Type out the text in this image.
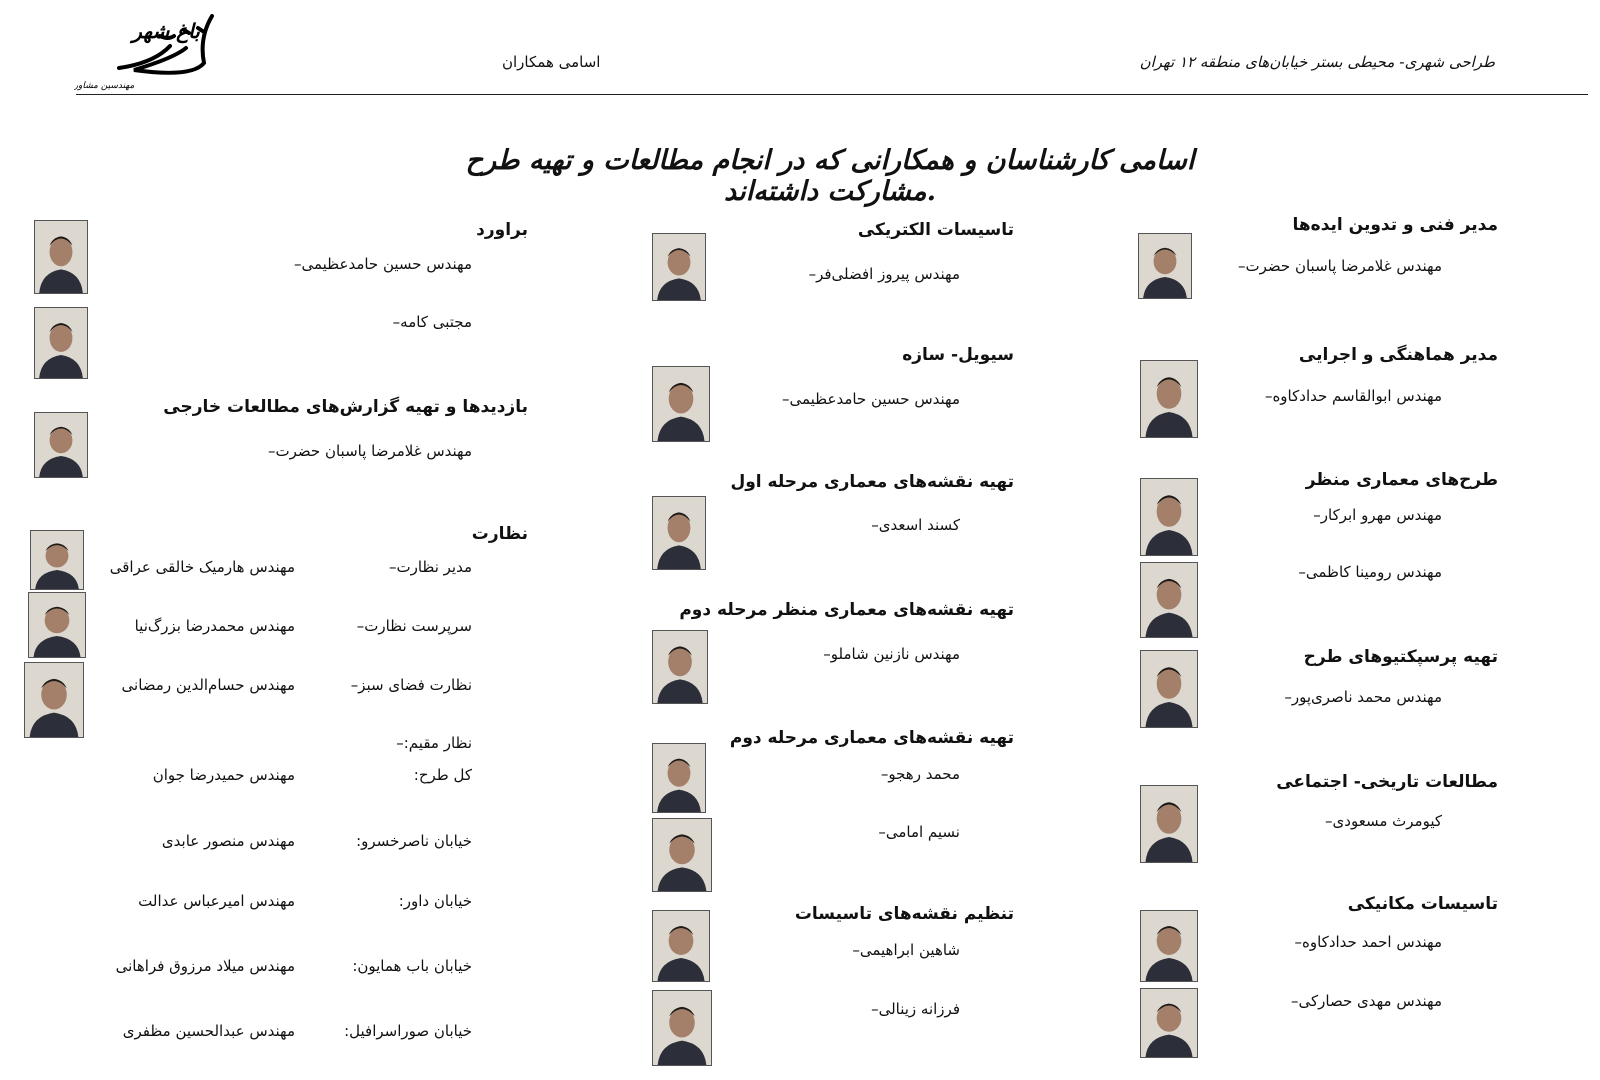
طراحی شهری- محیطی بستر خیابان‌های منطقه ۱۲ تهران
اسامی همکاران
باغ شهر
مهندسین مشاور
اسامی کارشناسان و همکارانی که در انجام مطالعات و تهیه طرح مشارکت داشته‌اند.
مدیر فنی و تدوین ایده‌ها
مهندس غلامرضا پاسبان حضرت–
مدیر هماهنگی و اجرایی
مهندس ابوالقاسم حدادکاوه–
طرح‌های معماری منظر
مهندس مهرو ابرکار–
مهندس رومینا کاظمی–
تهیه پرسپکتیوهای طرح
مهندس محمد ناصری‌پور–
مطالعات تاریخی- اجتماعی
کیومرث مسعودی–
تاسیسات مکانیکی
مهندس احمد حدادکاوه–
مهندس مهدی حصارکی–
تاسیسات الکتریکی
مهندس پیروز افضلی‌فر–
سیویل- سازه
مهندس حسین حامدعظیمی–
تهیه نقشه‌های معماری مرحله اول
کسند اسعدی–
تهیه نقشه‌های معماری منظر مرحله دوم
مهندس نازنین شاملو–
تهیه نقشه‌های معماری مرحله دوم
محمد رهجو–
نسیم امامی–
تنظیم نقشه‌های تاسیسات
شاهین ابراهیمی–
فرزانه زینالی–
براورد
مهندس حسین حامدعظیمی–
مجتبی کامه–
بازدیدها و تهیه گزارش‌های مطالعات خارجی
مهندس غلامرضا پاسبان حضرت–
نظارت
مدیر نظارت–
مهندس هارمیک خالقی عراقی
سرپرست نظارت–
مهندس محمدرضا بزرگ‌نیا
نظارت فضای سبز–
مهندس حسام‌الدین رمضانی
نظار مقیم:–
کل طرح:
مهندس حمیدرضا جوان
خیابان ناصرخسرو:
مهندس منصور عابدی
خیابان داور:
مهندس امیرعباس عدالت
خیابان باب همایون:
مهندس میلاد مرزوق فراهانی
خیابان صوراسرافیل:
مهندس عبدالحسین مظفری
